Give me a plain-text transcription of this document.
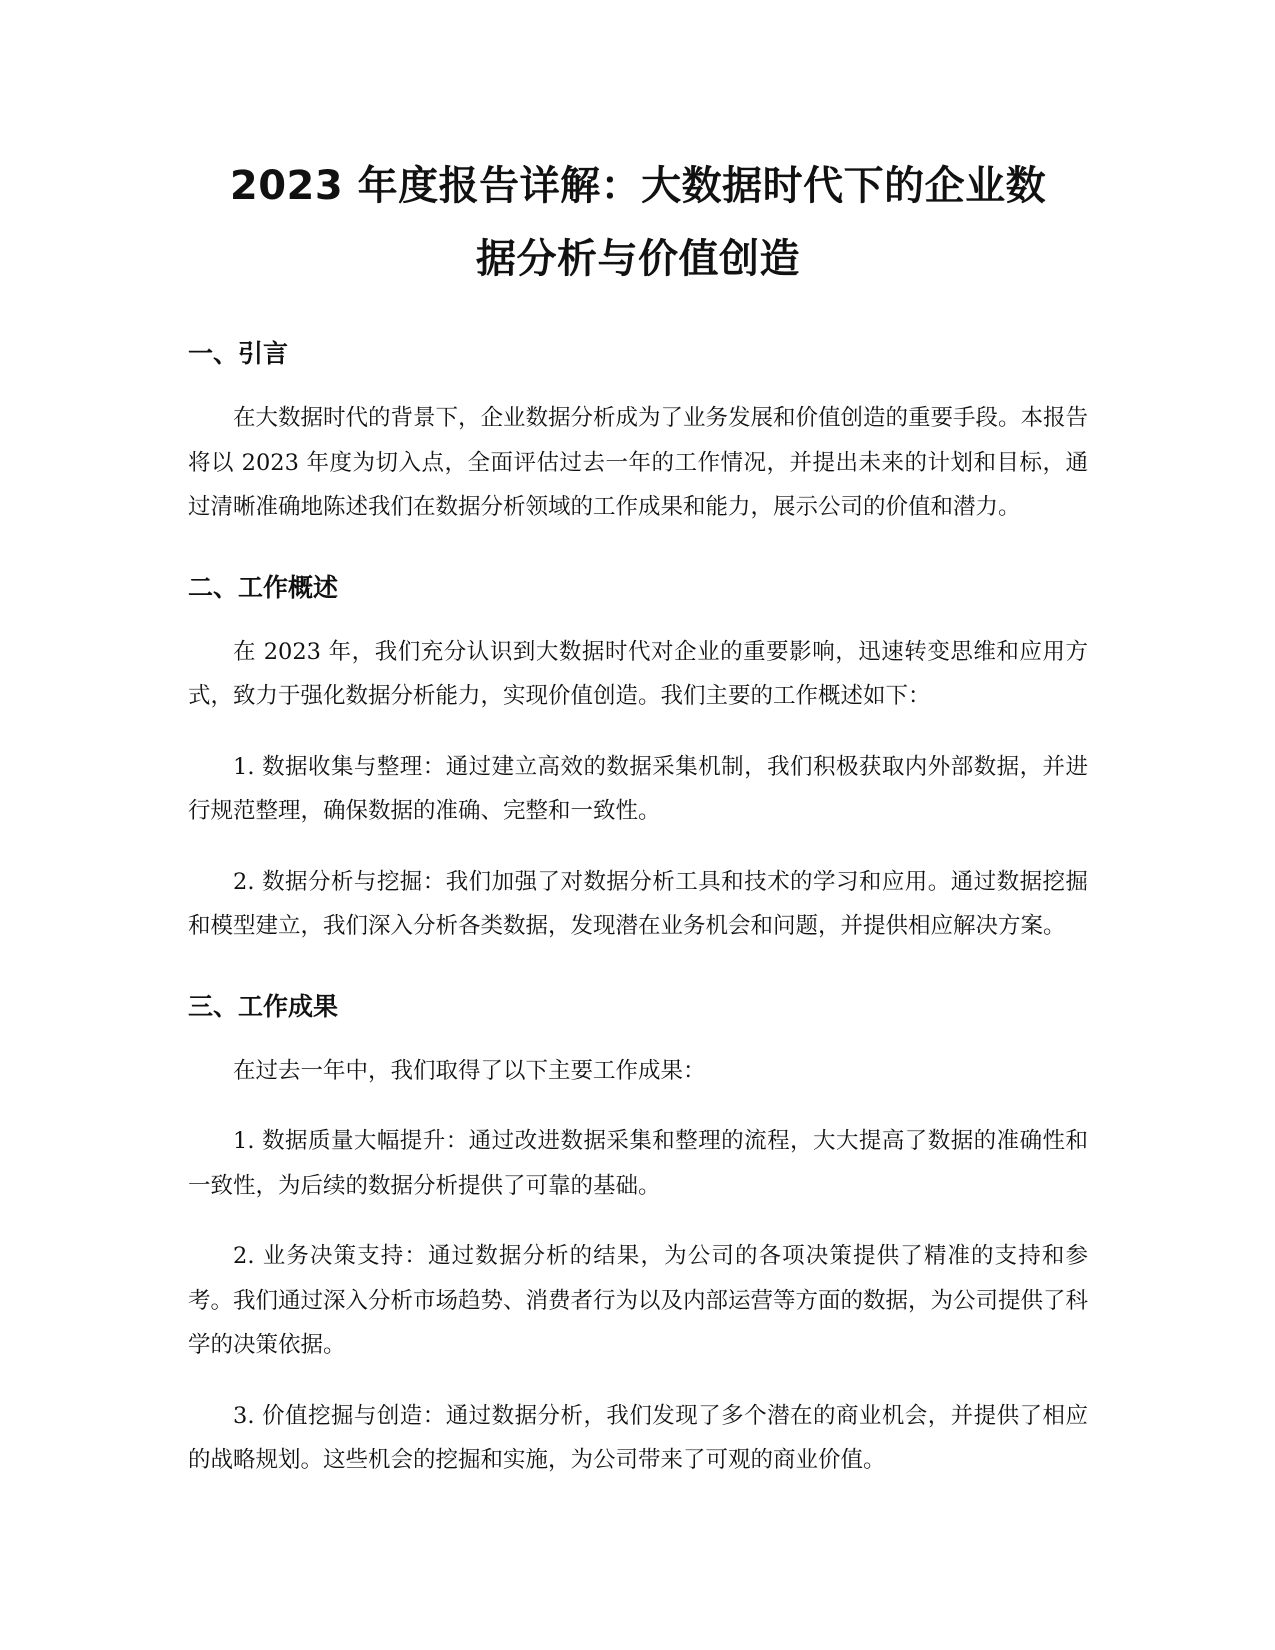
2023 年度报告详解：大数据时代下的企业数
据分析与价值创造
一、引言

在大数据时代的背景下，企业数据分析成为了业务发展和价值创造的重要手段。本报告将以 2023 年度为切入点，全面评估过去一年的工作情况，并提出未来的计划和目标，通过清晰准确地陈述我们在数据分析领域的工作成果和能力，展示公司的价值和潜力。

二、工作概述

在 2023 年，我们充分认识到大数据时代对企业的重要影响，迅速转变思维和应用方式，致力于强化数据分析能力，实现价值创造。我们主要的工作概述如下：

1. 数据收集与整理：通过建立高效的数据采集机制，我们积极获取内外部数据，并进行规范整理，确保数据的准确、完整和一致性。

2. 数据分析与挖掘：我们加强了对数据分析工具和技术的学习和应用。通过数据挖掘和模型建立，我们深入分析各类数据，发现潜在业务机会和问题，并提供相应解决方案。

三、工作成果

在过去一年中，我们取得了以下主要工作成果：

1. 数据质量大幅提升：通过改进数据采集和整理的流程，大大提高了数据的准确性和一致性，为后续的数据分析提供了可靠的基础。

2. 业务决策支持：通过数据分析的结果，为公司的各项决策提供了精准的支持和参考。我们通过深入分析市场趋势、消费者行为以及内部运营等方面的数据，为公司提供了科学的决策依据。

3. 价值挖掘与创造：通过数据分析，我们发现了多个潜在的商业机会，并提供了相应的战略规划。这些机会的挖掘和实施，为公司带来了可观的商业价值。
